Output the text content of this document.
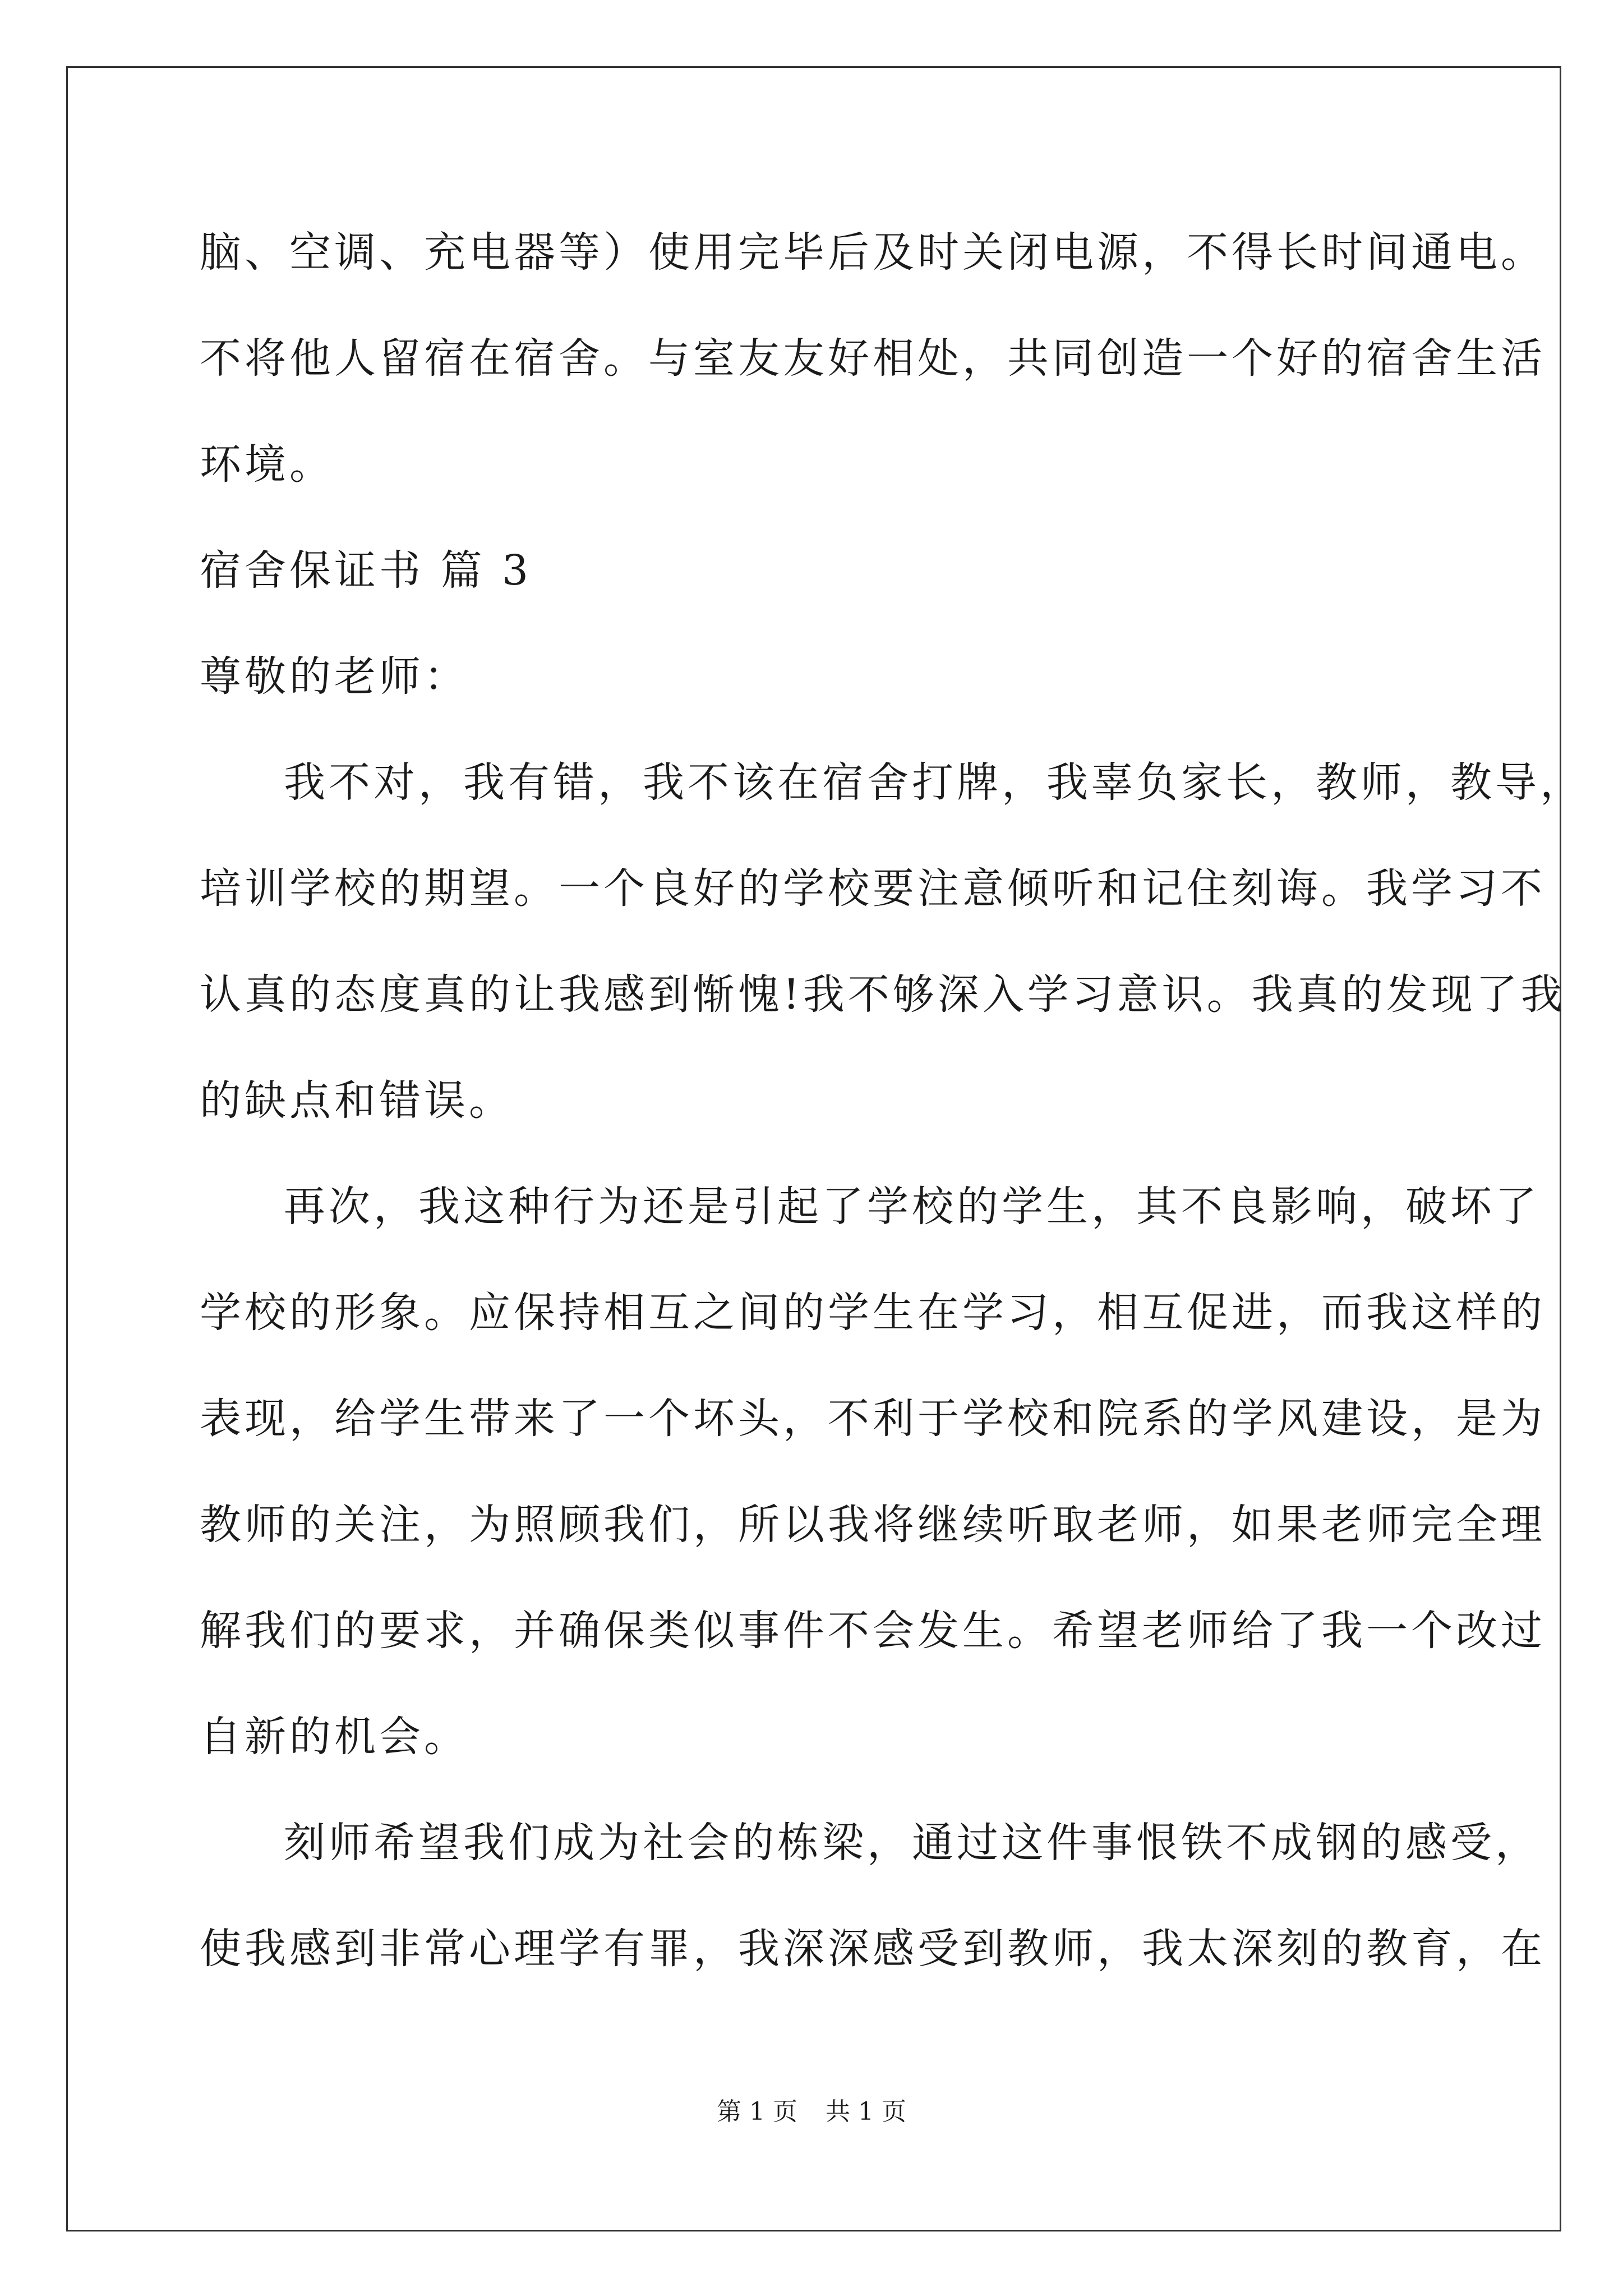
脑、空调、充电器等）使用完毕后及时关闭电源，不得长时间通电。
不将他人留宿在宿舍。与室友友好相处，共同创造一个好的宿舍生活
环境。
宿舍保证书 篇 3
尊敬的老师：
我不对，我有错，我不该在宿舍打牌，我辜负家长，教师，教导，
培训学校的期望。一个良好的学校要注意倾听和记住刻诲。我学习不
认真的态度真的让我感到惭愧!我不够深入学习意识。我真的发现了我
的缺点和错误。
再次，我这种行为还是引起了学校的学生，其不良影响，破坏了
学校的形象。应保持相互之间的学生在学习，相互促进，而我这样的
表现，给学生带来了一个坏头，不利于学校和院系的学风建设，是为
教师的关注，为照顾我们，所以我将继续听取老师，如果老师完全理
解我们的要求，并确保类似事件不会发生。希望老师给了我一个改过
自新的机会。
刻师希望我们成为社会的栋梁，通过这件事恨铁不成钢的感受，
使我感到非常心理学有罪，我深深感受到教师，我太深刻的教育，在
第 1 页 共 1 页
